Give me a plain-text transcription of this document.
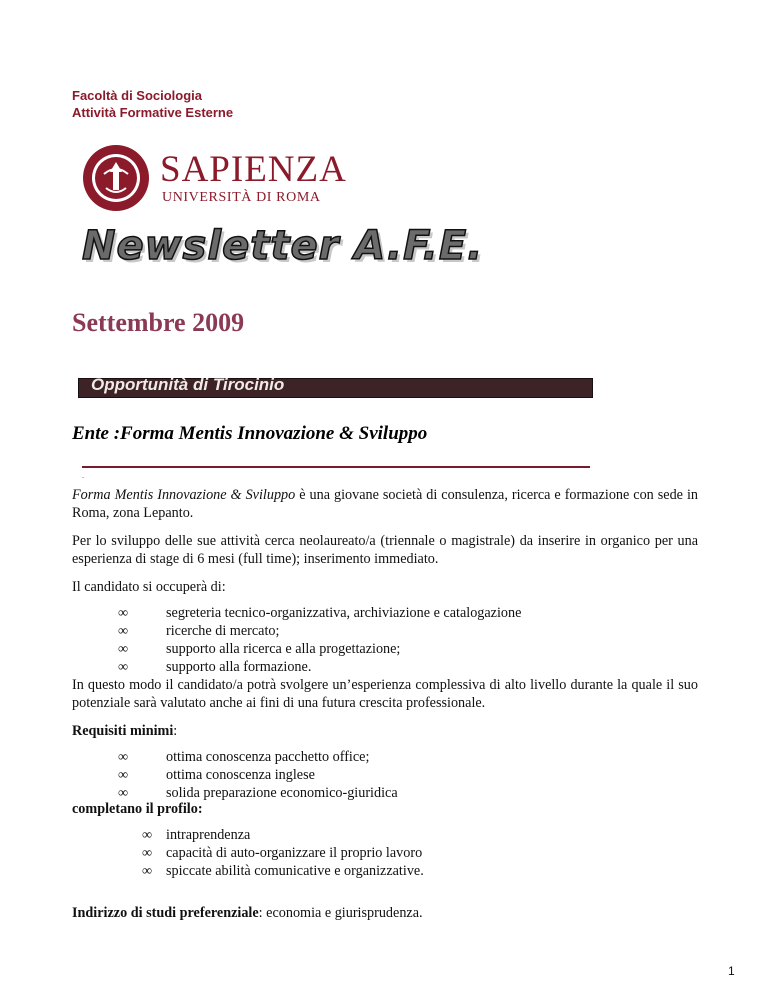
Facoltà di Sociologia
Attività Formative Esterne
SAPIENZA
UNIVERSITÀ DI ROMA
Newsletter A.F.E.
Settembre 2009
Opportunità di Tirocinio
Ente :Forma Mentis Innovazione & Sviluppo
.
Forma Mentis Innovazione & Sviluppo è una giovane società di consulenza, ricerca e formazione con sede in Roma, zona Lepanto.
Per lo sviluppo delle sue attività cerca neolaureato/a (triennale o magistrale) da inserire in organico per una esperienza di stage di 6 mesi (full time); inserimento immediato.
Il candidato si occuperà di:
∞	segreteria tecnico-organizzativa, archiviazione e catalogazione
∞	ricerche di mercato;
∞	supporto alla ricerca e alla progettazione;
∞	supporto alla formazione.
In questo modo il candidato/a potrà svolgere un’esperienza complessiva di alto livello durante la quale il suo potenziale sarà valutato anche ai fini di una futura crescita professionale.
Requisiti minimi:
∞	ottima conoscenza pacchetto office;
∞	ottima conoscenza inglese
∞	solida preparazione economico-giuridica
completano il profilo:
∞ intraprendenza
∞ capacità di auto-organizzare il proprio lavoro
∞ spiccate abilità comunicative e organizzative.
Indirizzo di studi preferenziale: economia e giurisprudenza.
1
